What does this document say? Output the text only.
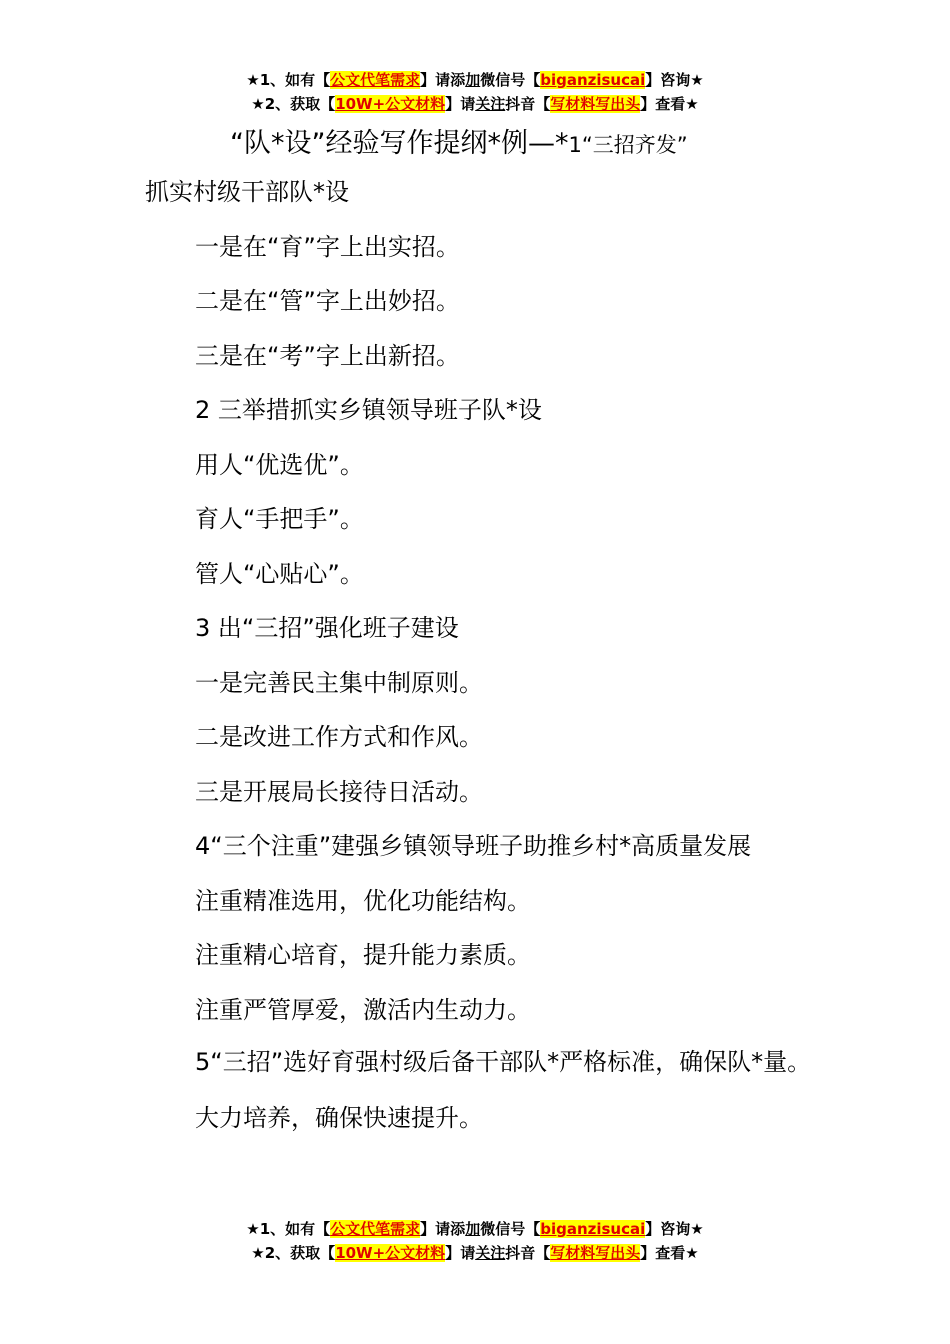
★1、如有【公文代笔需求】请添加微信号【biganzisucai】咨询★
★2、获取【10W+公文材料】请关注抖音【写材料写出头】查看★
“队*设”经验写作提纲*例—*1“三招齐发”

抓实村级干部队*设

一是在“育”字上出实招。

二是在“管”字上出妙招。

三是在“考”字上出新招。

2 三举措抓实乡镇领导班子队*设

用人“优选优”。

育人“手把手”。

管人“心贴心”。

3 出“三招”强化班子建设

一是完善民主集中制原则。

二是改进工作方式和作风。

三是开展局长接待日活动。

4“三个注重”建强乡镇领导班子助推乡村*高质量发展

注重精准选用，优化功能结构。

注重精心培育，提升能力素质。

注重严管厚爱，激活内生动力。

5“三招”选好育强村级后备干部队*严格标准，确保队*量。

大力培养，确保快速提升。

★1、如有【公文代笔需求】请添加微信号【biganzisucai】咨询★
★2、获取【10W+公文材料】请关注抖音【写材料写出头】查看★
